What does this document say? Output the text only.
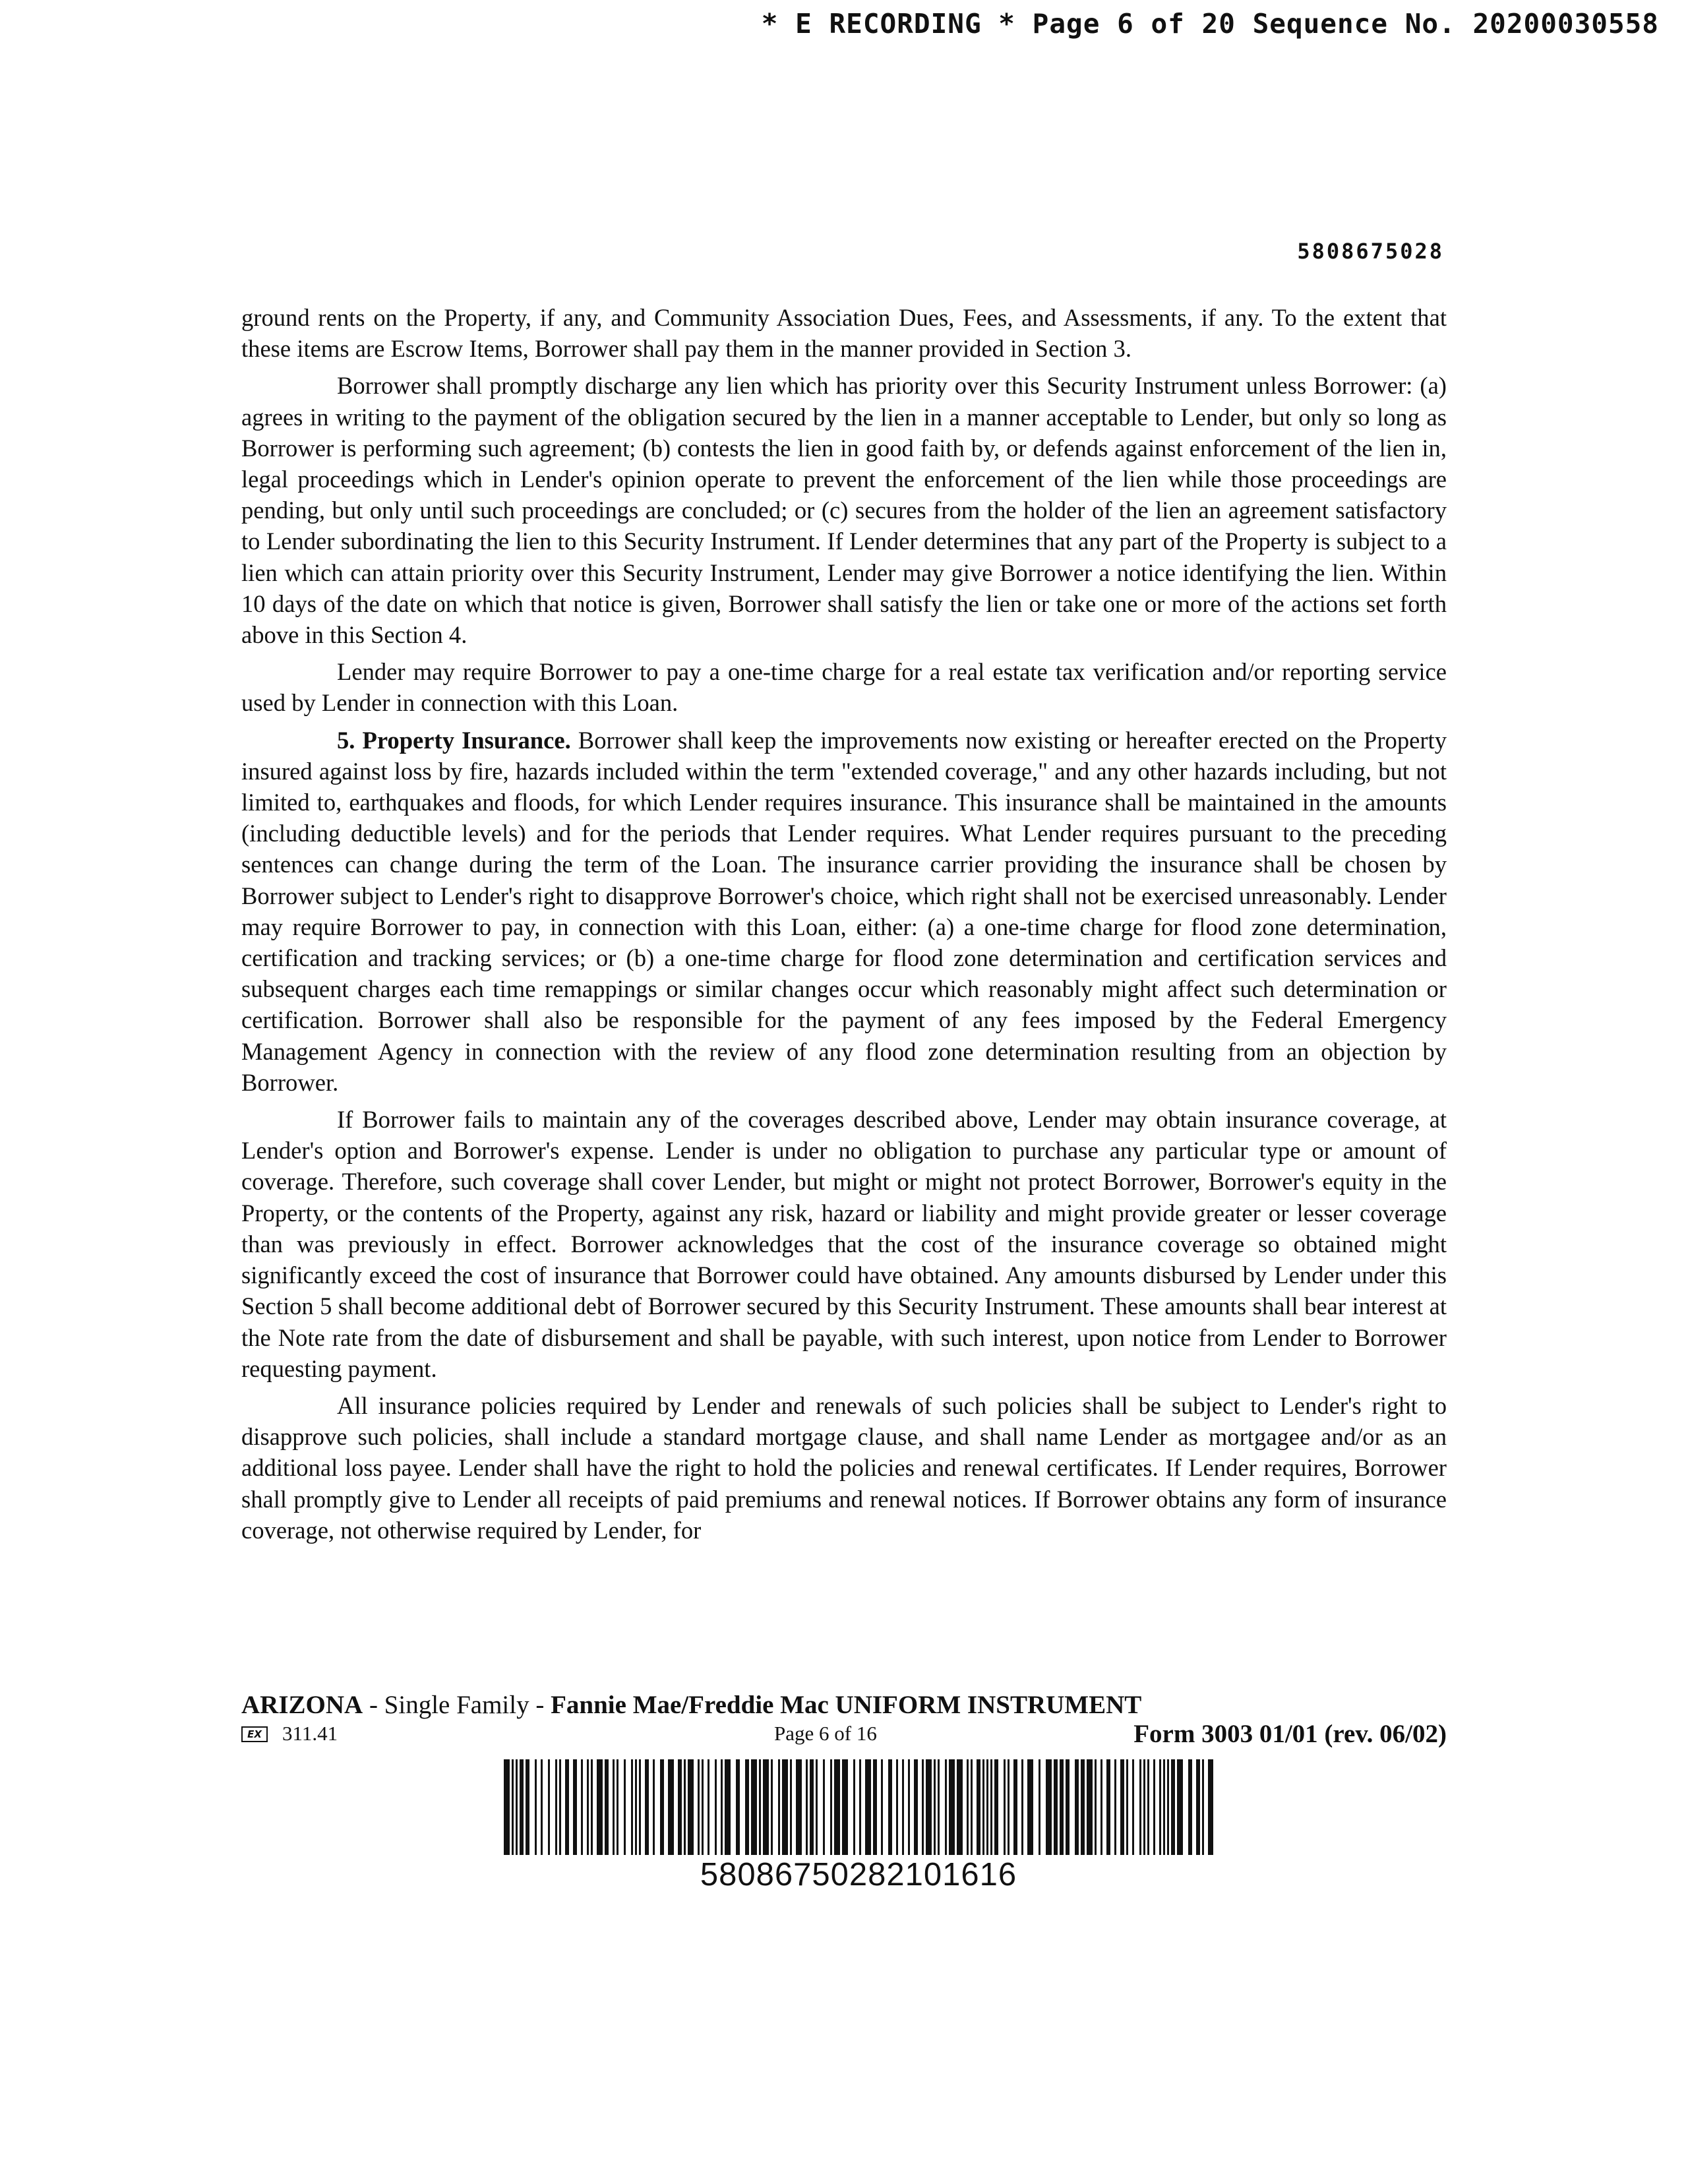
* E RECORDING * Page 6 of 20 Sequence No. 20200030558
5808675028

ground rents on the Property, if any, and Community Association Dues, Fees, and Assessments, if any. To the extent that these items are Escrow Items, Borrower shall pay them in the manner provided in Section 3.

Borrower shall promptly discharge any lien which has priority over this Security Instrument unless Borrower: (a) agrees in writing to the payment of the obligation secured by the lien in a manner acceptable to Lender, but only so long as Borrower is performing such agreement; (b) contests the lien in good faith by, or defends against enforcement of the lien in, legal proceedings which in Lender's opinion operate to prevent the enforcement of the lien while those proceedings are pending, but only until such proceedings are concluded; or (c) secures from the holder of the lien an agreement satisfactory to Lender subordinating the lien to this Security Instrument. If Lender determines that any part of the Property is subject to a lien which can attain priority over this Security Instrument, Lender may give Borrower a notice identifying the lien. Within 10 days of the date on which that notice is given, Borrower shall satisfy the lien or take one or more of the actions set forth above in this Section 4.

Lender may require Borrower to pay a one-time charge for a real estate tax verification and/or reporting service used by Lender in connection with this Loan.

5. Property Insurance. Borrower shall keep the improvements now existing or hereafter erected on the Property insured against loss by fire, hazards included within the term "extended coverage," and any other hazards including, but not limited to, earthquakes and floods, for which Lender requires insurance. This insurance shall be maintained in the amounts (including deductible levels) and for the periods that Lender requires. What Lender requires pursuant to the preceding sentences can change during the term of the Loan. The insurance carrier providing the insurance shall be chosen by Borrower subject to Lender's right to disapprove Borrower's choice, which right shall not be exercised unreasonably. Lender may require Borrower to pay, in connection with this Loan, either: (a) a one-time charge for flood zone determination, certification and tracking services; or (b) a one-time charge for flood zone determination and certification services and subsequent charges each time remappings or similar changes occur which reasonably might affect such determination or certification. Borrower shall also be responsible for the payment of any fees imposed by the Federal Emergency Management Agency in connection with the review of any flood zone determination resulting from an objection by Borrower.

If Borrower fails to maintain any of the coverages described above, Lender may obtain insurance coverage, at Lender's option and Borrower's expense. Lender is under no obligation to purchase any particular type or amount of coverage. Therefore, such coverage shall cover Lender, but might or might not protect Borrower, Borrower's equity in the Property, or the contents of the Property, against any risk, hazard or liability and might provide greater or lesser coverage than was previously in effect. Borrower acknowledges that the cost of the insurance coverage so obtained might significantly exceed the cost of insurance that Borrower could have obtained. Any amounts disbursed by Lender under this Section 5 shall become additional debt of Borrower secured by this Security Instrument. These amounts shall bear interest at the Note rate from the date of disbursement and shall be payable, with such interest, upon notice from Lender to Borrower requesting payment.

All insurance policies required by Lender and renewals of such policies shall be subject to Lender's right to disapprove such policies, shall include a standard mortgage clause, and shall name Lender as mortgagee and/or as an additional loss payee. Lender shall have the right to hold the policies and renewal certificates. If Lender requires, Borrower shall promptly give to Lender all receipts of paid premiums and renewal notices. If Borrower obtains any form of insurance coverage, not otherwise required by Lender, for

ARIZONA - Single Family - Fannie Mae/Freddie Mac UNIFORM INSTRUMENT
EX 311.41	Page 6 of 16	Form 3003 01/01 (rev. 06/02)
58086750282101616
